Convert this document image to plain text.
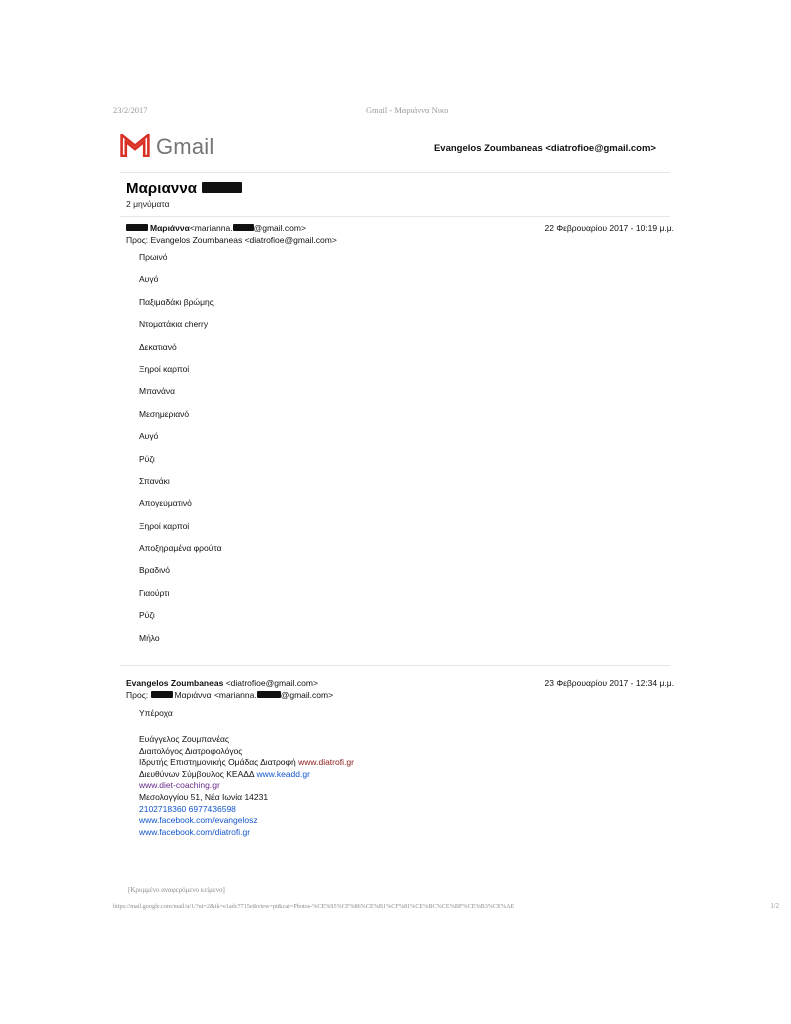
23/2/2017	Gmail - Μαριάννα Νικο
Gmail	Evangelos Zoumbaneas <diatrofioe@gmail.com>
Μαριαννα
2 μηνύματα
Μαριάννα<marianna. @gmail.com>	22 Φεβρουαρίου 2017 - 10:19 μ.μ.
Προς: Evangelos Zoumbaneas <diatrofioe@gmail.com>
Πρωινό
Αυγό
Παξιμαδάκι βρώμης
Ντοματάκια cherry
Δεκατιανό
Ξηροί καρποί
Μπανάνα
Μεσημεριανό
Αυγό
Ρύζι
Σπανάκι
Απογευματινό
Ξηροί καρποί
Αποξηραμένα φρούτα
Βραδινό
Γιαούρτι
Ρύζι
Μήλο
Evangelos Zoumbaneas <diatrofioe@gmail.com>	23 Φεβρουαρίου 2017 - 12:34 μ.μ.
Προς:	Μαριάννα <marianna.	@gmail.com>
Υπέροχα
Ευάγγελος Ζουμπανέας
Διαιτολόγος Διατροφολόγος
Ιδρυτής Επιστημονικής Ομάδας Διατροφή www.diatrofi.gr
Διευθύνων Σύμβουλος ΚΕΑΔΔ www.keadd.gr
www.diet-coaching.gr
Μεσολογγίου 51, Νέα Ιωνία 14231
2102718360 6977436598
www.facebook.com/evangelosz
www.facebook.com/diatrofi.gr
[Κρυμμένο αναφερόμενο κείμενο]
https://mail.google.com/mail/u/1/?ui=2&ik=e1adc7715e&view=pt&cat=Photos-%CE%95%CF%86%CE%B1%CF%81%CE%BC%CE%BF%CE%B3%CE%AE	1/2
